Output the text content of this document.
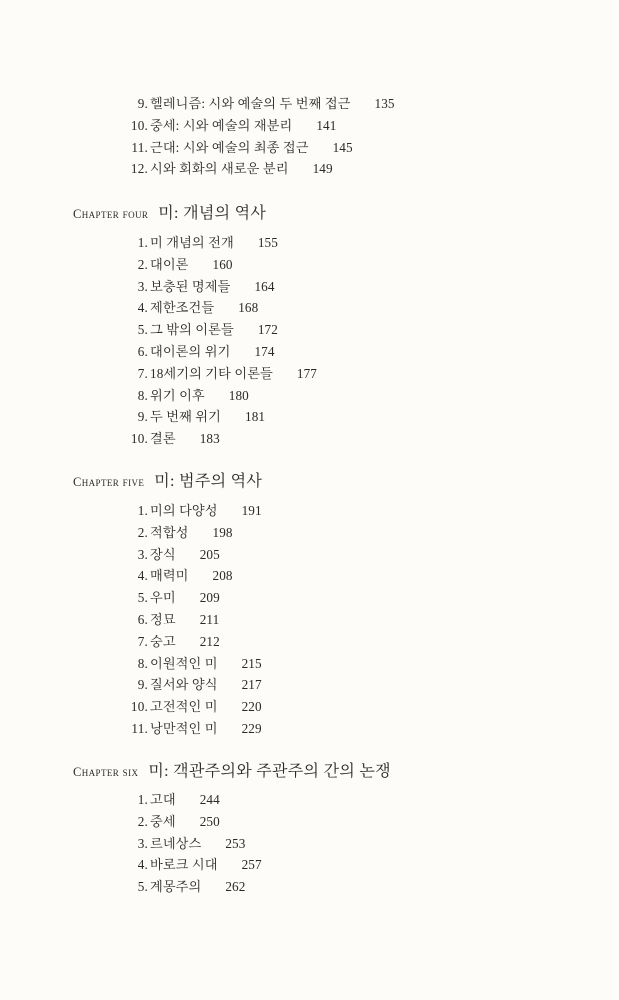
9. 헬레니즘: 시와 예술의 두 번째 접근 135
10. 중세: 시와 예술의 재분리 141
11. 근대: 시와 예술의 최종 접근 145
12. 시와 회화의 새로운 분리 149
Chapter four 미: 개념의 역사
1. 미 개념의 전개 155
2. 대이론 160
3. 보충된 명제들 164
4. 제한조건들 168
5. 그 밖의 이론들 172
6. 대이론의 위기 174
7. 18세기의 기타 이론들 177
8. 위기 이후 180
9. 두 번째 위기 181
10. 결론 183
Chapter five 미: 범주의 역사
1. 미의 다양성 191
2. 적합성 198
3. 장식 205
4. 매력미 208
5. 우미 209
6. 정묘 211
7. 숭고 212
8. 이원적인 미 215
9. 질서와 양식 217
10. 고전적인 미 220
11. 낭만적인 미 229
Chapter six 미: 객관주의와 주관주의 간의 논쟁
1. 고대 244
2. 중세 250
3. 르네상스 253
4. 바로크 시대 257
5. 계몽주의 262
